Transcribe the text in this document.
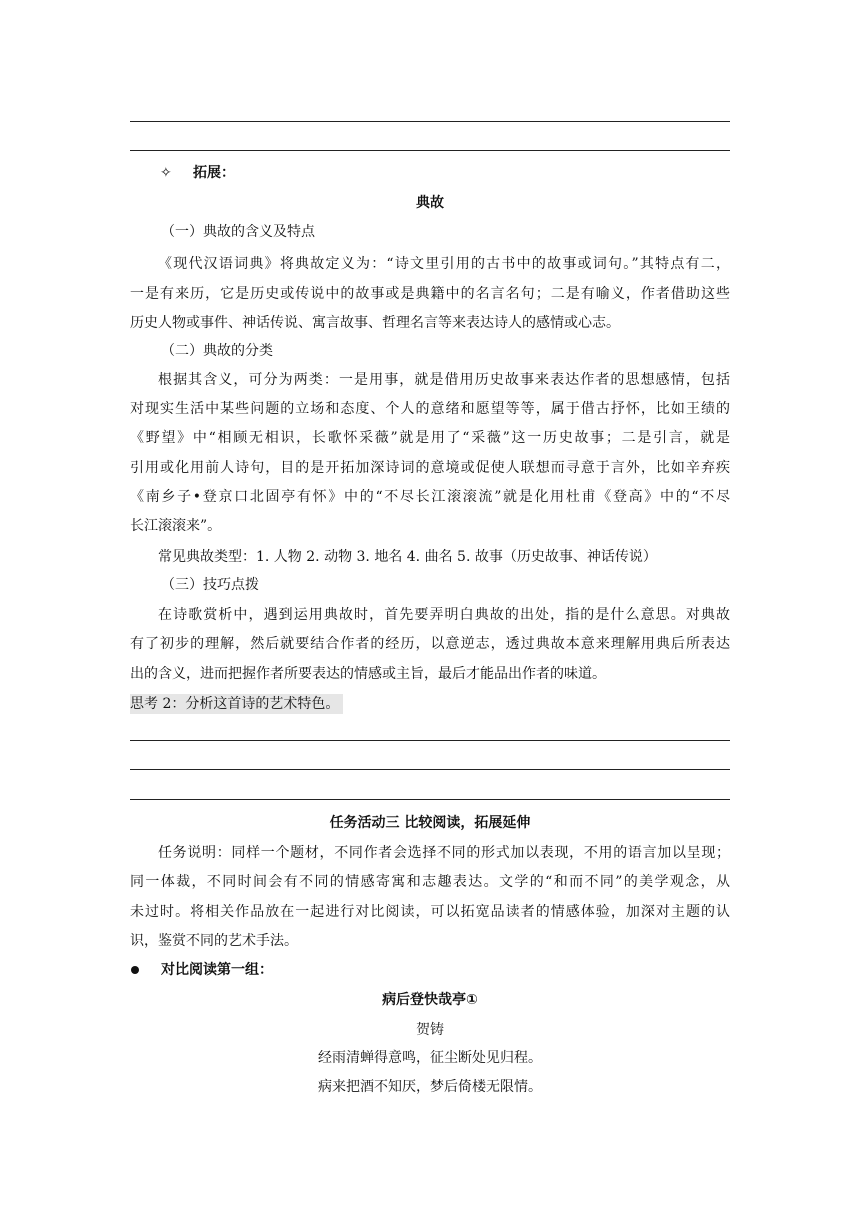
✧ 拓展：
典故
（一）典故的含义及特点
《现代汉语词典》将典故定义为：“诗文里引用的古书中的故事或词句。”其特点有二，
一是有来历，它是历史或传说中的故事或是典籍中的名言名句；二是有喻义，作者借助这些
历史人物或事件、神话传说、寓言故事、哲理名言等来表达诗人的感情或心志。
（二）典故的分类
根据其含义，可分为两类：一是用事，就是借用历史故事来表达作者的思想感情，包括
对现实生活中某些问题的立场和态度、个人的意绪和愿望等等，属于借古抒怀，比如王绩的
《野望》中“相顾无相识，长歌怀采薇”就是用了“采薇”这一历史故事；二是引言，就是
引用或化用前人诗句，目的是开拓加深诗词的意境或促使人联想而寻意于言外，比如辛弃疾
《南乡子•登京口北固亭有怀》中的“不尽长江滚滚流”就是化用杜甫《登高》中的“不尽
长江滚滚来”。
常见典故类型：1. 人物 2. 动物 3. 地名 4. 曲名 5. 故事（历史故事、神话传说）
（三）技巧点拨
在诗歌赏析中，遇到运用典故时，首先要弄明白典故的出处，指的是什么意思。对典故
有了初步的理解，然后就要结合作者的经历，以意逆志，透过典故本意来理解用典后所表达
出的含义，进而把握作者所要表达的情感或主旨，最后才能品出作者的味道。
思考 2：分析这首诗的艺术特色。
任务活动三 比较阅读，拓展延伸
任务说明：同样一个题材，不同作者会选择不同的形式加以表现，不用的语言加以呈现；
同一体裁，不同时间会有不同的情感寄寓和志趣表达。文学的“和而不同”的美学观念，从
未过时。将相关作品放在一起进行对比阅读，可以拓宽品读者的情感体验，加深对主题的认
识，鉴赏不同的艺术手法。
对比阅读第一组：
病后登快哉亭①
贺铸
经雨清蝉得意鸣，征尘断处见归程。
病来把酒不知厌，梦后倚楼无限情。
